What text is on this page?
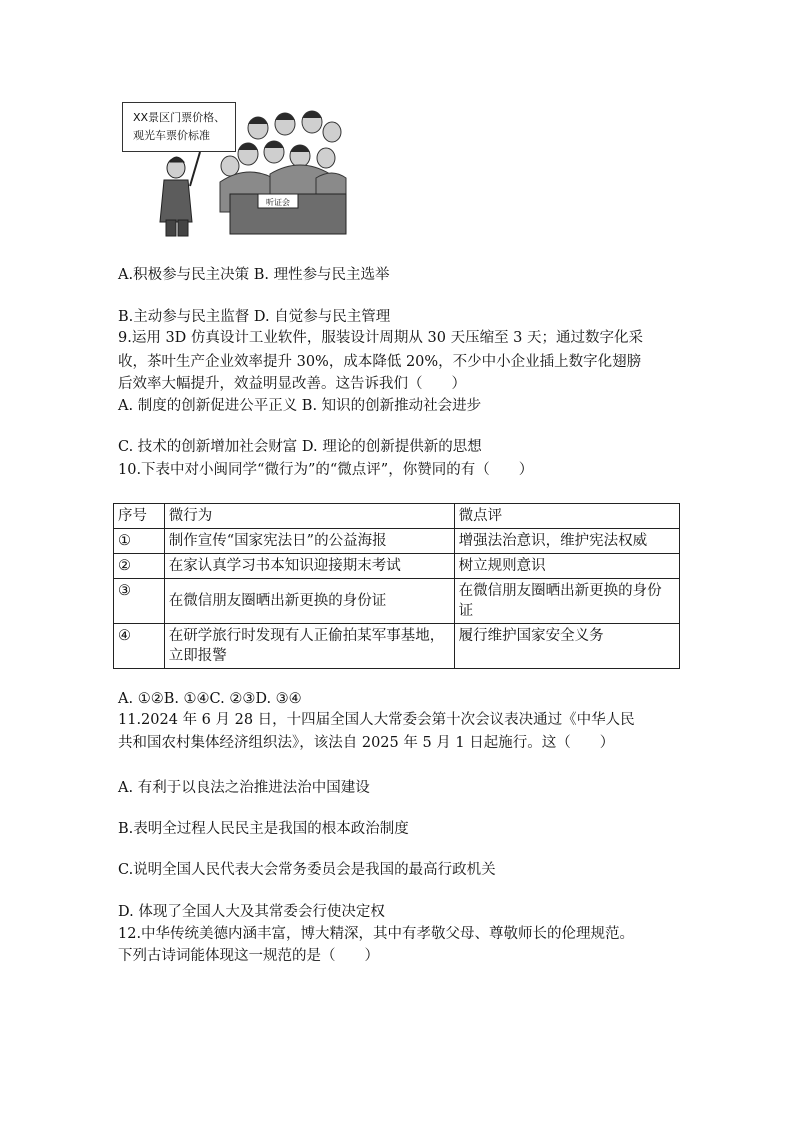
听证会
XX景区门票价格、
观光车票价标准
A.积极参与民主决策 B. 理性参与民主选举
B.主动参与民主监督 D. 自觉参与民主管理
9.运用 3D 仿真设计工业软件，服装设计周期从 30 天压缩至 3 天；通过数字化采
收，茶叶生产企业效率提升 30%，成本降低 20%，不少中小企业插上数字化翅膀
后效率大幅提升，效益明显改善。这告诉我们（　　）
A. 制度的创新促进公平正义 B. 知识的创新推动社会进步
C. 技术的创新增加社会财富 D. 理论的创新提供新的思想
10.下表中对小闽同学“微行为”的“微点评”，你赞同的有（　　）
序号	微行为	微点评
①	制作宣传“国家宪法日”的公益海报	增强法治意识，维护宪法权威
②	在家认真学习书本知识迎接期末考试	树立规则意识
③	在微信朋友圈晒出新更换的身份证	在微信朋友圈晒出新更换的身份证
④	在研学旅行时发现有人正偷拍某军事基地，立即报警	履行维护国家安全义务
A. ①②B. ①④C. ②③D. ③④
11.2024 年 6 月 28 日，十四届全国人大常委会第十次会议表决通过《中华人民
共和国农村集体经济组织法》，该法自 2025 年 5 月 1 日起施行。这（　　）
A. 有利于以良法之治推进法治中国建设
B.表明全过程人民民主是我国的根本政治制度
C.说明全国人民代表大会常务委员会是我国的最高行政机关
D. 体现了全国人大及其常委会行使决定权
12.中华传统美德内涵丰富，博大精深，其中有孝敬父母、尊敬师长的伦理规范。
下列古诗词能体现这一规范的是（　　）
